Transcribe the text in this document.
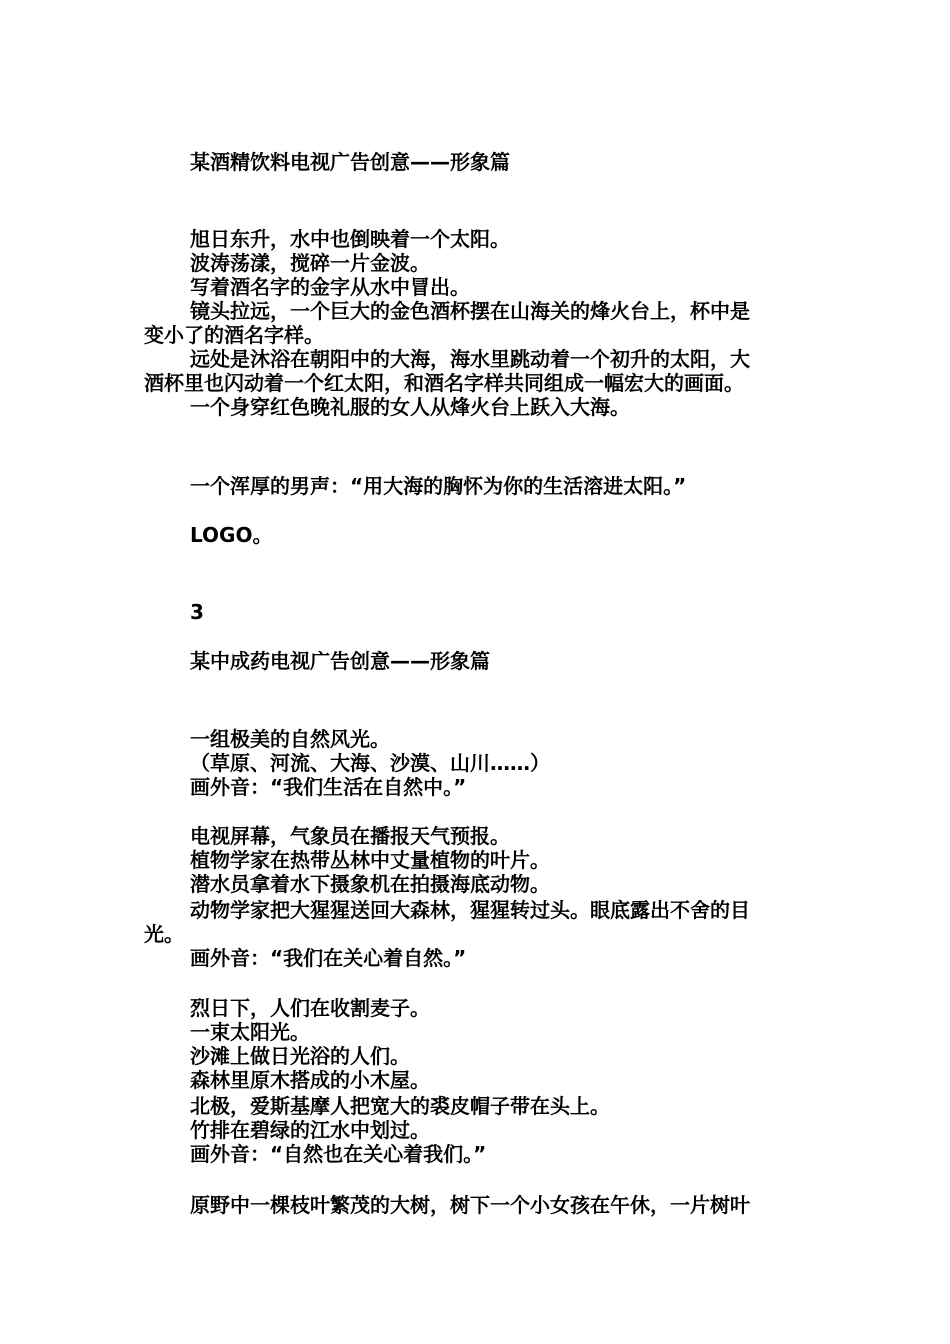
某酒精饮料电视广告创意——形象篇
旭日东升，水中也倒映着一个太阳。
波涛荡漾，搅碎一片金波。
写着酒名字的金字从水中冒出。
镜头拉远，一个巨大的金色酒杯摆在山海关的烽火台上，杯中是
变小了的酒名字样。
远处是沐浴在朝阳中的大海，海水里跳动着一个初升的太阳，大
酒杯里也闪动着一个红太阳，和酒名字样共同组成一幅宏大的画面。
一个身穿红色晚礼服的女人从烽火台上跃入大海。
一个浑厚的男声：“用大海的胸怀为你的生活溶进太阳。”
LOGO。
3
某中成药电视广告创意——形象篇
一组极美的自然风光。
（草原、河流、大海、沙漠、山川……）
画外音：“我们生活在自然中。”
电视屏幕，气象员在播报天气预报。
植物学家在热带丛林中丈量植物的叶片。
潜水员拿着水下摄象机在拍摄海底动物。
动物学家把大猩猩送回大森林，猩猩转过头。眼底露出不舍的目
光。
画外音：“我们在关心着自然。”
烈日下，人们在收割麦子。
一束太阳光。
沙滩上做日光浴的人们。
森林里原木搭成的小木屋。
北极，爱斯基摩人把宽大的裘皮帽子带在头上。
竹排在碧绿的江水中划过。
画外音：“自然也在关心着我们。”
原野中一棵枝叶繁茂的大树，树下一个小女孩在午休，一片树叶
